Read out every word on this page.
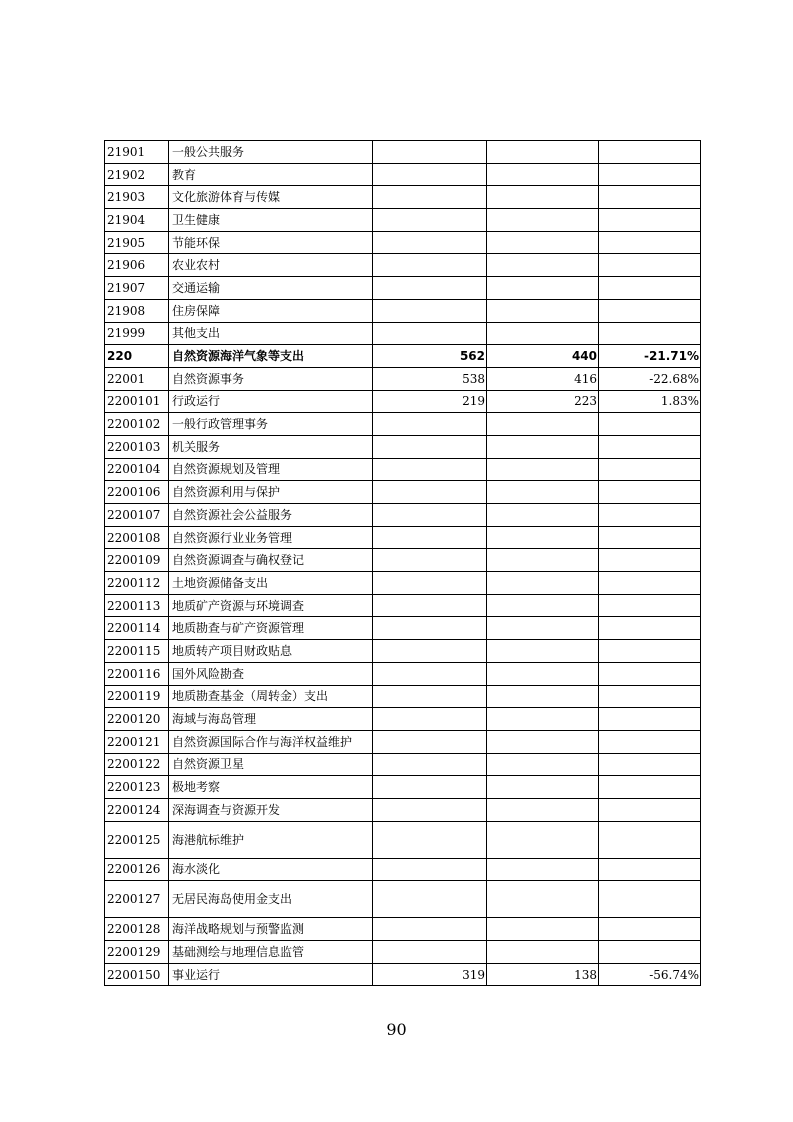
21901	一般公共服务			
21902	教育			
21903	文化旅游体育与传媒			
21904	卫生健康			
21905	节能环保			
21906	农业农村			
21907	交通运输			
21908	住房保障			
21999	其他支出			
220	自然资源海洋气象等支出	562	440	-21.71%
22001	自然资源事务	538	416	-22.68%
2200101	行政运行	219	223	1.83%
2200102	一般行政管理事务			
2200103	机关服务			
2200104	自然资源规划及管理			
2200106	自然资源利用与保护			
2200107	自然资源社会公益服务			
2200108	自然资源行业业务管理			
2200109	自然资源调查与确权登记			
2200112	土地资源储备支出			
2200113	地质矿产资源与环境调查			
2200114	地质勘查与矿产资源管理			
2200115	地质转产项目财政贴息			
2200116	国外风险勘查			
2200119	地质勘查基金（周转金）支出			
2200120	海域与海岛管理			
2200121	自然资源国际合作与海洋权益维护			
2200122	自然资源卫星			
2200123	极地考察			
2200124	深海调查与资源开发			
2200125	海港航标维护			
2200126	海水淡化			
2200127	无居民海岛使用金支出			
2200128	海洋战略规划与预警监测			
2200129	基础测绘与地理信息监管			
2200150	事业运行	319	138	-56.74%
90
